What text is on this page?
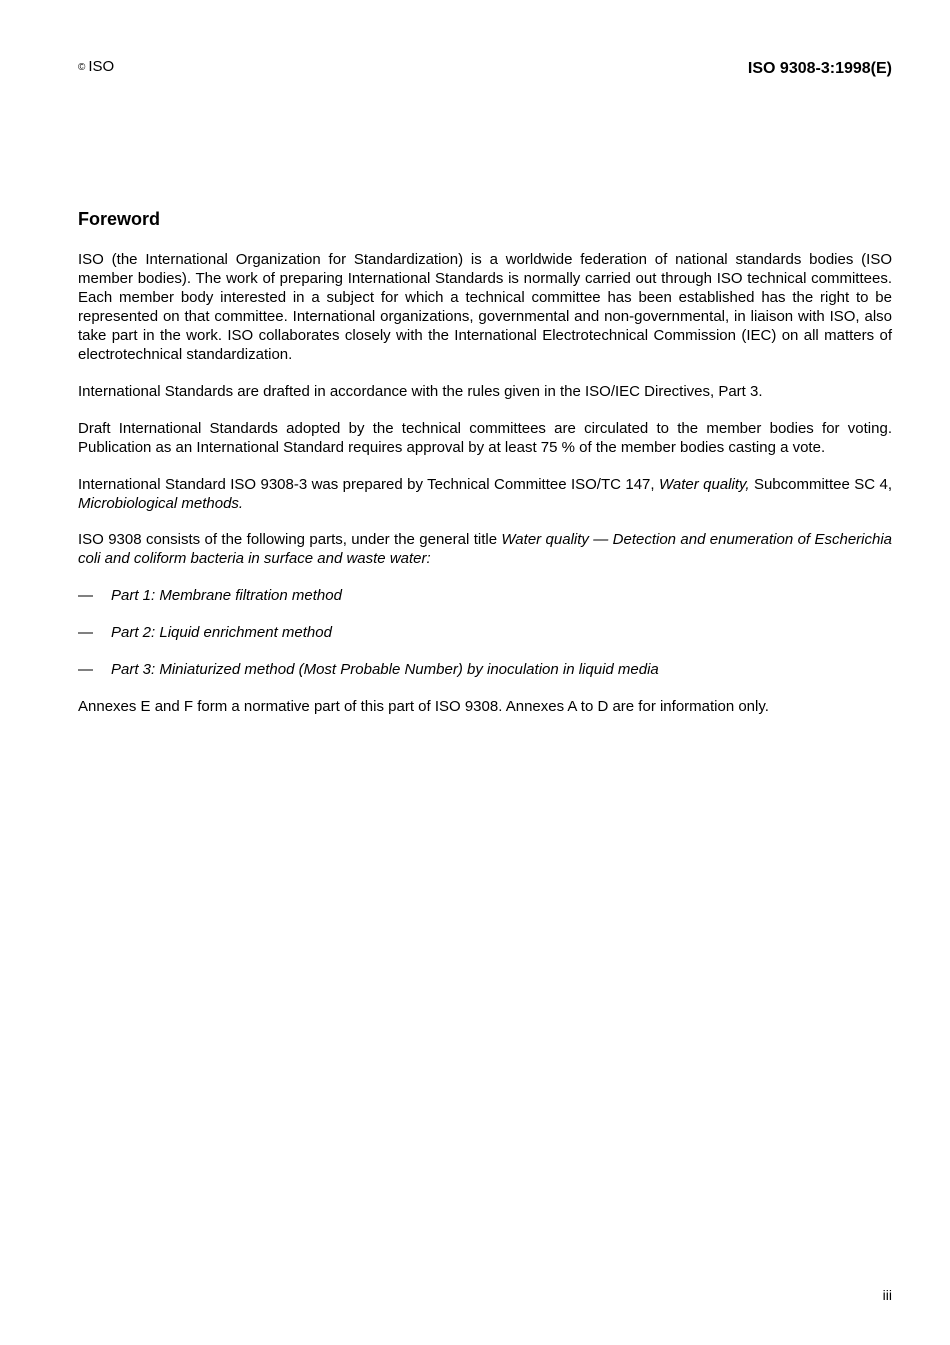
© ISO	ISO 9308-3:1998(E)
Foreword

ISO (the International Organization for Standardization) is a worldwide federation of national standards bodies (ISO member bodies). The work of preparing International Standards is normally carried out through ISO technical committees. Each member body interested in a subject for which a technical committee has been established has the right to be represented on that committee. International organizations, governmental and non-governmental, in liaison with ISO, also take part in the work. ISO collaborates closely with the International Electrotechnical Commission (IEC) on all matters of electrotechnical standardization.

International Standards are drafted in accordance with the rules given in the ISO/IEC Directives, Part 3.

Draft International Standards adopted by the technical committees are circulated to the member bodies for voting. Publication as an International Standard requires approval by at least 75 % of the member bodies casting a vote.

International Standard ISO 9308-3 was prepared by Technical Committee ISO/TC 147, Water quality, Subcommittee SC 4, Microbiological methods.

ISO 9308 consists of the following parts, under the general title Water quality — Detection and enumeration of Escherichia coli and coliform bacteria in surface and waste water:

—	Part 1: Membrane filtration method
—	Part 2: Liquid enrichment method
—	Part 3: Miniaturized method (Most Probable Number) by inoculation in liquid media

Annexes E and F form a normative part of this part of ISO 9308. Annexes A to D are for information only.

iii
